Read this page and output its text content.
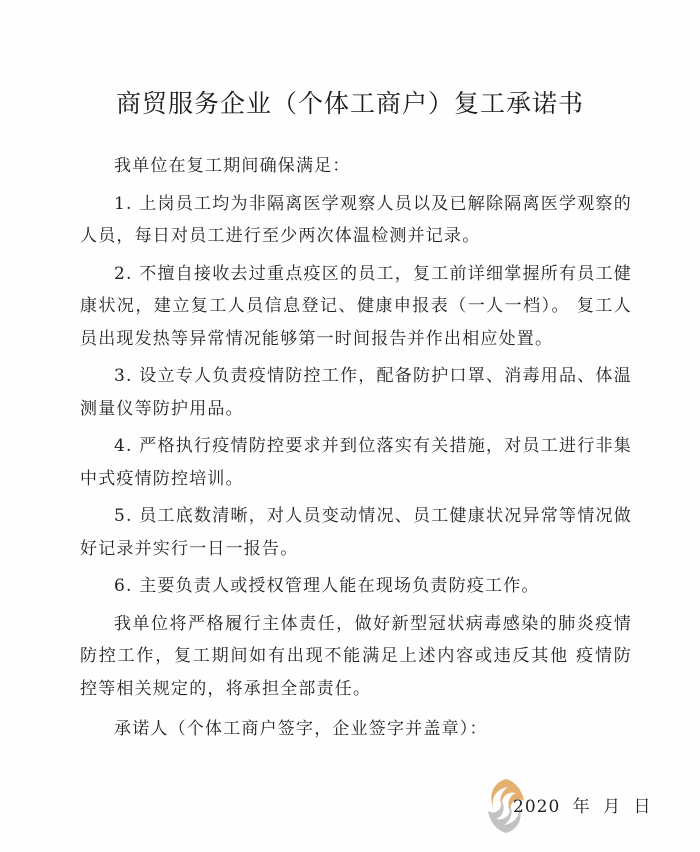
商贸服务企业（个体工商户）复工承诺书

我单位在复工期间确保满足：

1. 上岗员工均为非隔离医学观察人员以及已解除隔离医学观察的人员，每日对员工进行至少两次体温检测并记录。

2. 不擅自接收去过重点疫区的员工，复工前详细掌握所有员工健康状况，建立复工人员信息登记、健康申报表（一人一档）。 复工人员出现发热等异常情况能够第一时间报告并作出相应处置。

3. 设立专人负责疫情防控工作，配备防护口罩、消毒用品、体温测量仪等防护用品。

4. 严格执行疫情防控要求并到位落实有关措施，对员工进行非集中式疫情防控培训。

5. 员工底数清晰，对人员变动情况、员工健康状况异常等情况做好记录并实行一日一报告。

6. 主要负责人或授权管理人能在现场负责防疫工作。

我单位将严格履行主体责任，做好新型冠状病毒感染的肺炎疫情防控工作，复工期间如有出现不能满足上述内容或违反其他 疫情防控等相关规定的，将承担全部责任。

承诺人（个体工商户签字，企业签字并盖章）：
2020 年 月 日
